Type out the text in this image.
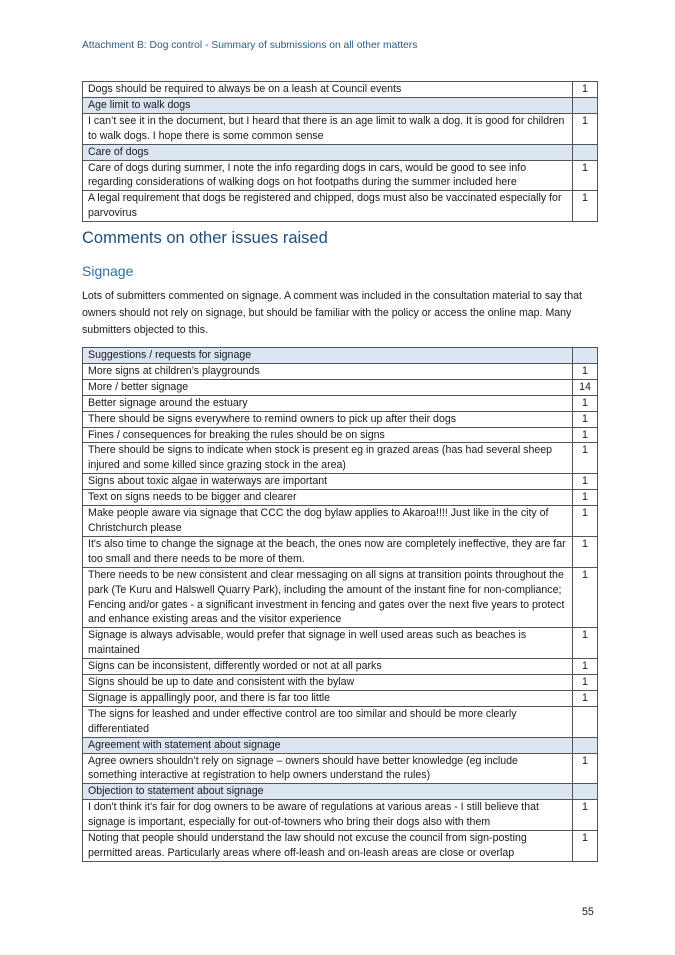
Attachment B: Dog control - Summary of submissions on all other matters
Dogs should be required to always be on a leash at Council events	1
Age limit to walk dogs	
I can’t see it in the document, but I heard that there is an age limit to walk a dog. It is good for children to walk dogs. I hope there is some common sense	1
Care of dogs	
Care of dogs during summer, I note the info regarding dogs in cars, would be good to see info regarding considerations of walking dogs on hot footpaths during the summer included here	1
A legal requirement that dogs be registered and chipped, dogs must also be vaccinated especially for parvovirus	1
Comments on other issues raised
Signage
Lots of submitters commented on signage. A comment was included in the consultation material to say that owners should not rely on signage, but should be familiar with the policy or access the online map. Many submitters objected to this.
Suggestions / requests for signage	
More signs at children’s playgrounds	1
More / better signage	14
Better signage around the estuary	1
There should be signs everywhere to remind owners to pick up after their dogs	1
Fines / consequences for breaking the rules should be on signs	1
There should be signs to indicate when stock is present eg in grazed areas (has had several sheep injured and some killed since grazing stock in the area)	1
Signs about toxic algae in waterways are important	1
Text on signs needs to be bigger and clearer	1
Make people aware via signage that CCC the dog bylaw applies to Akaroa!!!! Just like in the city of Christchurch please	1
It's also time to change the signage at the beach, the ones now are completely ineffective, they are far too small and there needs to be more of them.	1
There needs to be new consistent and clear messaging on all signs at transition points throughout the park (Te Kuru and Halswell Quarry Park), including the amount of the instant fine for non-compliance; Fencing and/or gates - a significant investment in fencing and gates over the next five years to protect and enhance existing areas and the visitor experience	1
Signage is always advisable, would prefer that signage in well used areas such as beaches is maintained	1
Signs can be inconsistent, differently worded or not at all parks	1
Signs should be up to date and consistent with the bylaw	1
Signage is appallingly poor, and there is far too little	1
The signs for leashed and under effective control are too similar and should be more clearly differentiated	
Agreement with statement about signage	
Agree owners shouldn’t rely on signage – owners should have better knowledge (eg include something interactive at registration to help owners understand the rules)	1
Objection to statement about signage	
I don't think it's fair for dog owners to be aware of regulations at various areas - I still believe that signage is important, especially for out-of-towners who bring their dogs also with them	1
Noting that people should understand the law should not excuse the council from sign-posting permitted areas. Particularly areas where off-leash and on-leash areas are close or overlap	1
55
